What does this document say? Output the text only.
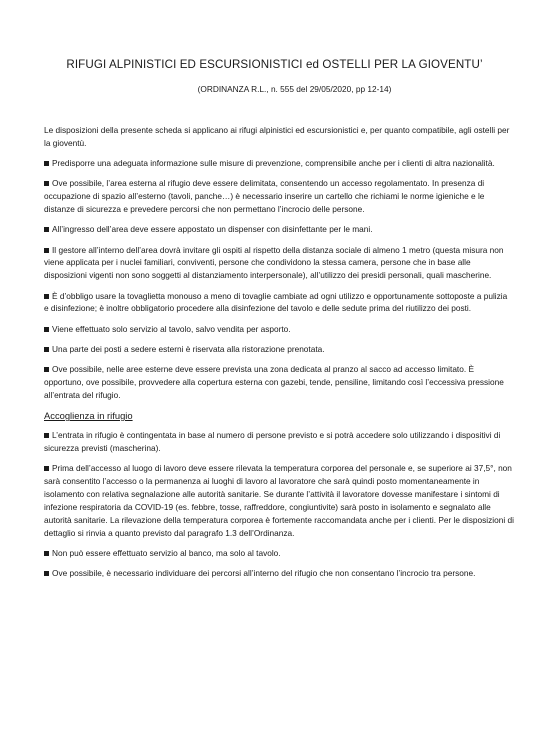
RIFUGI ALPINISTICI ED ESCURSIONISTICI ed OSTELLI PER LA GIOVENTU’
(ORDINANZA R.L., n. 555 del 29/05/2020, pp 12-14)

Le disposizioni della presente scheda si applicano ai rifugi alpinistici ed escursionistici e, per quanto compatibile, agli ostelli per la gioventù.

Predisporre una adeguata informazione sulle misure di prevenzione, comprensibile anche per i clienti di altra nazionalità.

Ove possibile, l’area esterna al rifugio deve essere delimitata, consentendo un accesso regolamentato. In presenza di occupazione di spazio all’esterno (tavoli, panche…) è necessario inserire un cartello che richiami le norme igieniche e le distanze di sicurezza e prevedere percorsi che non permettano l’incrocio delle persone.

All’ingresso dell’area deve essere appostato un dispenser con disinfettante per le mani.

Il gestore all’interno dell’area dovrà invitare gli ospiti al rispetto della distanza sociale di almeno 1 metro (questa misura non viene applicata per i nuclei familiari, conviventi, persone che condividono la stessa camera, persone che in base alle disposizioni vigenti non sono soggetti al distanziamento interpersonale), all’utilizzo dei presidi personali, quali mascherine.

È d’obbligo usare la tovaglietta monouso a meno di tovaglie cambiate ad ogni utilizzo e opportunamente sottoposte a pulizia e disinfezione; è inoltre obbligatorio procedere alla disinfezione del tavolo e delle sedute prima del riutilizzo dei posti.

Viene effettuato solo servizio al tavolo, salvo vendita per asporto.

Una parte dei posti a sedere esterni è riservata alla ristorazione prenotata.

Ove possibile, nelle aree esterne deve essere prevista una zona dedicata al pranzo al sacco ad accesso limitato. È opportuno, ove possibile, provvedere alla copertura esterna con gazebi, tende, pensiline, limitando così l’eccessiva pressione all’entrata del rifugio.

Accoglienza in rifugio

L’entrata in rifugio è contingentata in base al numero di persone previsto e si potrà accedere solo utilizzando i dispositivi di sicurezza previsti (mascherina).

Prima dell’accesso al luogo di lavoro deve essere rilevata la temperatura corporea del personale e, se superiore ai 37,5°, non sarà consentito l’accesso o la permanenza ai luoghi di lavoro al lavoratore che sarà quindi posto momentaneamente in isolamento con relativa segnalazione alle autorità sanitarie. Se durante l’attività il lavoratore dovesse manifestare i sintomi di infezione respiratoria da COVID-19 (es. febbre, tosse, raffreddore, congiuntivite) sarà posto in isolamento e segnalato alle autorità sanitarie. La rilevazione della temperatura corporea è fortemente raccomandata anche per i clienti. Per le disposizioni di dettaglio si rinvia a quanto previsto dal paragrafo 1.3 dell’Ordinanza.

Non può essere effettuato servizio al banco, ma solo al tavolo.

Ove possibile, è necessario individuare dei percorsi all’interno del rifugio che non consentano l’incrocio tra persone.
